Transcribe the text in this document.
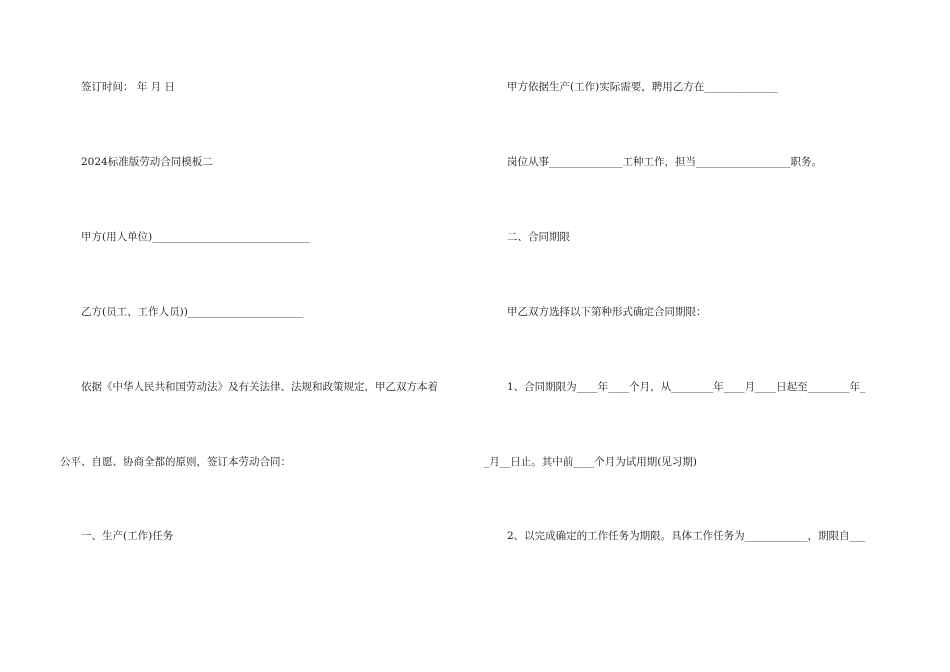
签订时间： 年 月 日
2024标准版劳动合同模板二
甲方(用人单位)______________________________
乙方(员工、工作人员))______________________
依据《中华人民共和国劳动法》及有关法律、法规和政策规定，甲乙双方本着
公平、自愿、协商全都的原则，签订本劳动合同：
一、生产(工作)任务
甲方依据生产(工作)实际需要，聘用乙方在______________
岗位从事______________工种工作，担当__________________职务。
二、合同期限
甲乙双方选择以下第种形式确定合同期限：
1、合同期限为____年____个月，从________年____月____日起至________年_
_月__日止。其中前____个月为试用期(见习期)
2、以完成确定的工作任务为期限。具体工作任务为____________，期限自___
